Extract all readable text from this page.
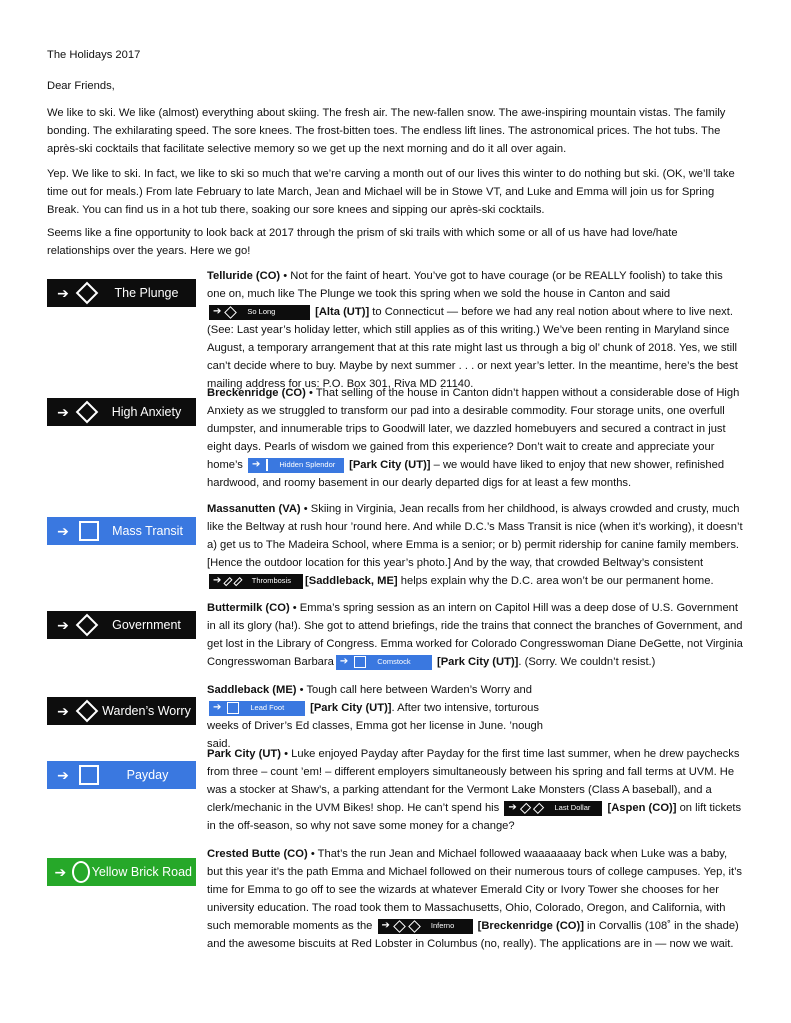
The Holidays 2017
Dear Friends,
We like to ski. We like (almost) everything about skiing. The fresh air. The new-fallen snow. The awe-inspiring mountain vistas. The family bonding. The exhilarating speed. The sore knees. The frost-bitten toes. The endless lift lines. The astronomical prices. The hot tubs. The après-ski cocktails that facilitate selective memory so we get up the next morning and do it all over again.
Yep. We like to ski. In fact, we like to ski so much that we’re carving a month out of our lives this winter to do nothing but ski. (OK, we’ll take time out for meals.) From late February to late March, Jean and Michael will be in Stowe VT, and Luke and Emma will join us for Spring Break. You can find us in a hot tub there, soaking our sore knees and sipping our après-ski cocktails.
Seems like a fine opportunity to look back at 2017 through the prism of ski trails with which some or all of us have had love/hate relationships over the years. Here we go!
➔	The Plunge
Telluride (CO) • Not for the faint of heart. You’ve got to have courage (or be REALLY foolish) to take this one on, much like The Plunge we took this spring when we sold the house in Canton and said
➔	So Long	[Alta (UT)] to Connecticut — before we had any real notion about where to live next. (See: Last year’s holiday letter, which still applies as of this writing.) We’ve been renting in Maryland since August, a temporary arrangement that at this rate might last us through a big ol’ chunk of 2018. Yes, we still can’t decide where to buy. Maybe by next summer . . . or next year’s letter. In the meantime, here’s the best mailing address for us: P.O. Box 301, Riva MD 21140.
➔	High Anxiety
Breckenridge (CO) • That selling of the house in Canton didn’t happen without a considerable dose of High Anxiety as we struggled to transform our pad into a desirable commodity. Four storage units, one overfull dumpster, and innumerable trips to Goodwill later, we dazzled homebuyers and secured a contract in just eight days. Pearls of wisdom we gained from this experience? Don’t wait to create and appreciate your home’s ➔	Hidden Splendor	[Park City (UT)] – we would have liked to enjoy that new shower, refinished hardwood, and roomy basement in our dearly departed digs for at least a few months.
➔	Mass Transit
Massanutten (VA) • Skiing in Virginia, Jean recalls from her childhood, is always crowded and crusty, much like the Beltway at rush hour ’round here. And while D.C.’s Mass Transit is nice (when it’s working), it doesn’t a) get us to The Madeira School, where Emma is a senior; or b) permit ridership for canine family members. [Hence the outdoor location for this year’s photo.] And by the way, that crowded Beltway’s consistent
➔	Thrombosis	[Saddleback, ME] helps explain why the D.C. area won’t be our permanent home.
➔	Government
Buttermilk (CO) • Emma’s spring session as an intern on Capitol Hill was a deep dose of U.S. Government in all its glory (ha!). She got to attend briefings, ride the trains that connect the branches of Government, and get lost in the Library of Congress. Emma worked for Colorado Congresswoman Diane DeGette, not Virginia Congresswoman Barbara ➔	Comstock	[Park City (UT)]. (Sorry. We couldn’t resist.)
➔	Warden’s Worry
Saddleback (ME) • Tough call here between Warden’s Worry and
➔	Lead Foot	[Park City (UT)]. After two intensive, torturous weeks of Driver’s Ed classes, Emma got her license in June. ’nough said.
➔	Payday
Park City (UT) • Luke enjoyed Payday after Payday for the first time last summer, when he drew paychecks from three – count ’em! – different employers simultaneously between his spring and fall terms at UVM. He was a stocker at Shaw’s, a parking attendant for the Vermont Lake Monsters (Class A baseball), and a clerk/mechanic in the UVM Bikes! shop. He can’t spend his ➔	Last Dollar	[Aspen (CO)] on lift tickets in the off-season, so why not save some money for a change?
➔ Yellow Brick Road
Crested Butte (CO) • That’s the run Jean and Michael followed waaaaaaay back when Luke was a baby, but this year it’s the path Emma and Michael followed on their numerous tours of college campuses. Yep, it’s time for Emma to go off to see the wizards at whatever Emerald City or Ivory Tower she chooses for her university education. The road took them to Massachusetts, Ohio, Colorado, Oregon, and California, with such memorable moments as the ➔	Inferno	[Breckenridge (CO)] in Corvallis (108˚ in the shade) and the awesome biscuits at Red Lobster in Columbus (no, really). The applications are in — now we wait.
